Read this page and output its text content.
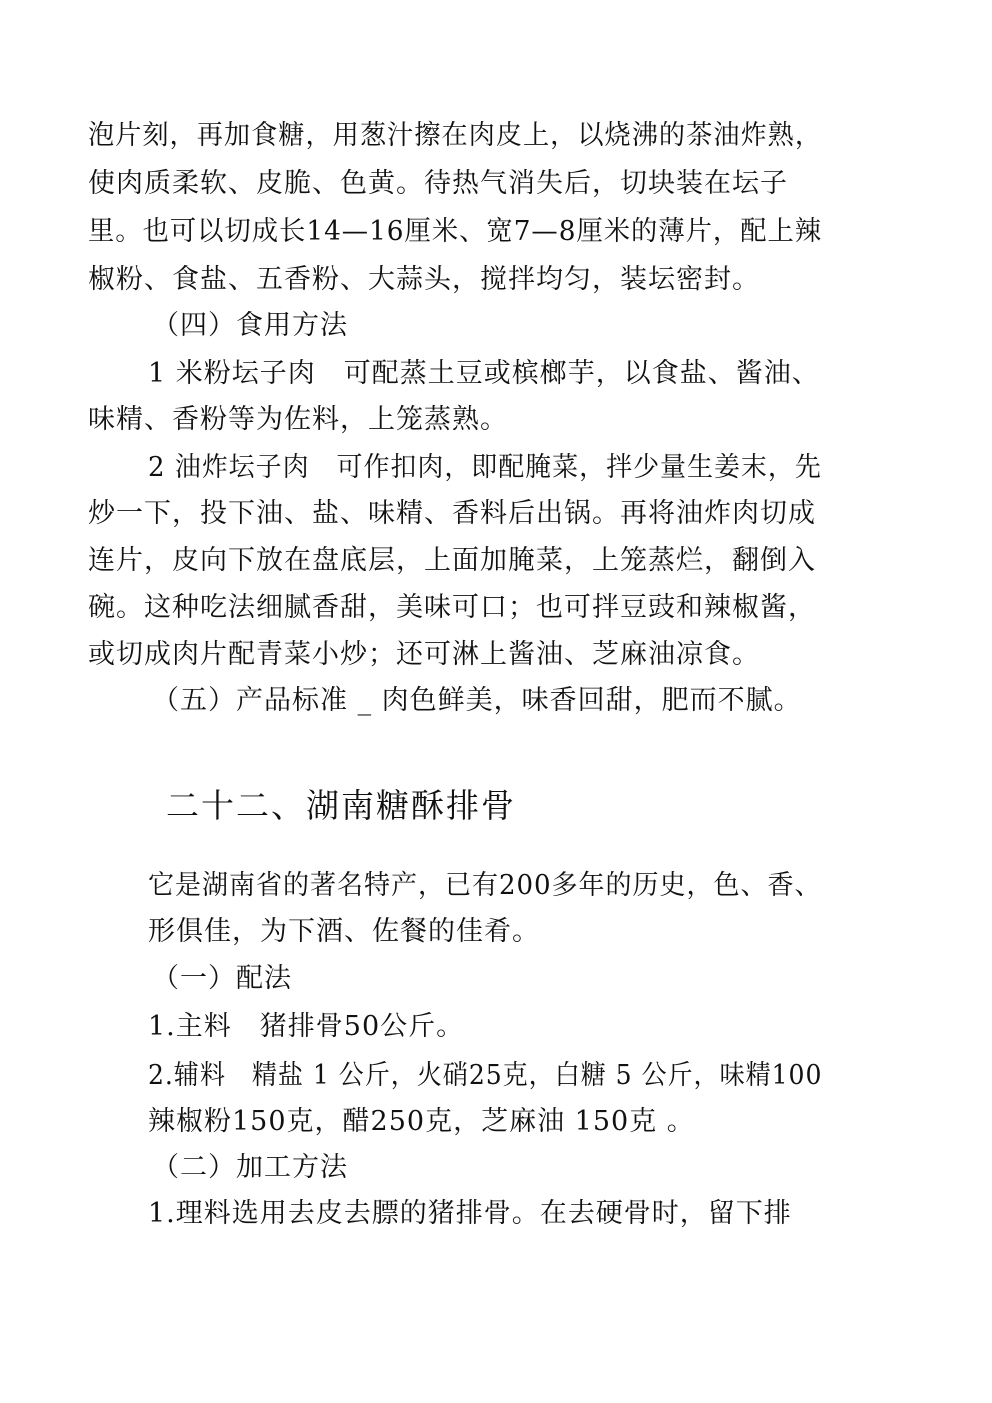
泡片刻，再加食糖，用葱汁擦在肉皮上，以烧沸的茶油炸熟，
使肉质柔软、皮脆、色黄。待热气消失后，切块装在坛子
里。也可以切成长14—16厘米、宽7—8厘米的薄片，配上辣
椒粉、食盐、五香粉、大蒜头，搅拌均匀，装坛密封。
（四）食用方法
1 米粉坛子肉　可配蒸土豆或槟榔芋，以食盐、酱油、
味精、香粉等为佐料，上笼蒸熟。
2 油炸坛子肉　可作扣肉，即配腌菜，拌少量生姜末，先
炒一下，投下油、盐、味精、香料后出锅。再将油炸肉切成
连片，皮向下放在盘底层，上面加腌菜，上笼蒸烂，翻倒入
碗。这种吃法细腻香甜，美味可口；也可拌豆豉和辣椒酱，
或切成肉片配青菜小炒；还可淋上酱油、芝麻油凉食。
（五）产品标准 _ 肉色鲜美，味香回甜，肥而不腻。
二十二、湖南糖酥排骨
它是湖南省的著名特产，已有200多年的历史，色、香、
形俱佳，为下酒、佐餐的佳肴。
（一）配法
1.主料　猪排骨50公斤。
2.辅料　精盐 1 公斤，火硝25克，白糖 5 公斤，味精100
辣椒粉150克，醋250克，芝麻油 150克 。
（二）加工方法
1.理料选用去皮去膘的猪排骨。在去硬骨时，留下排
